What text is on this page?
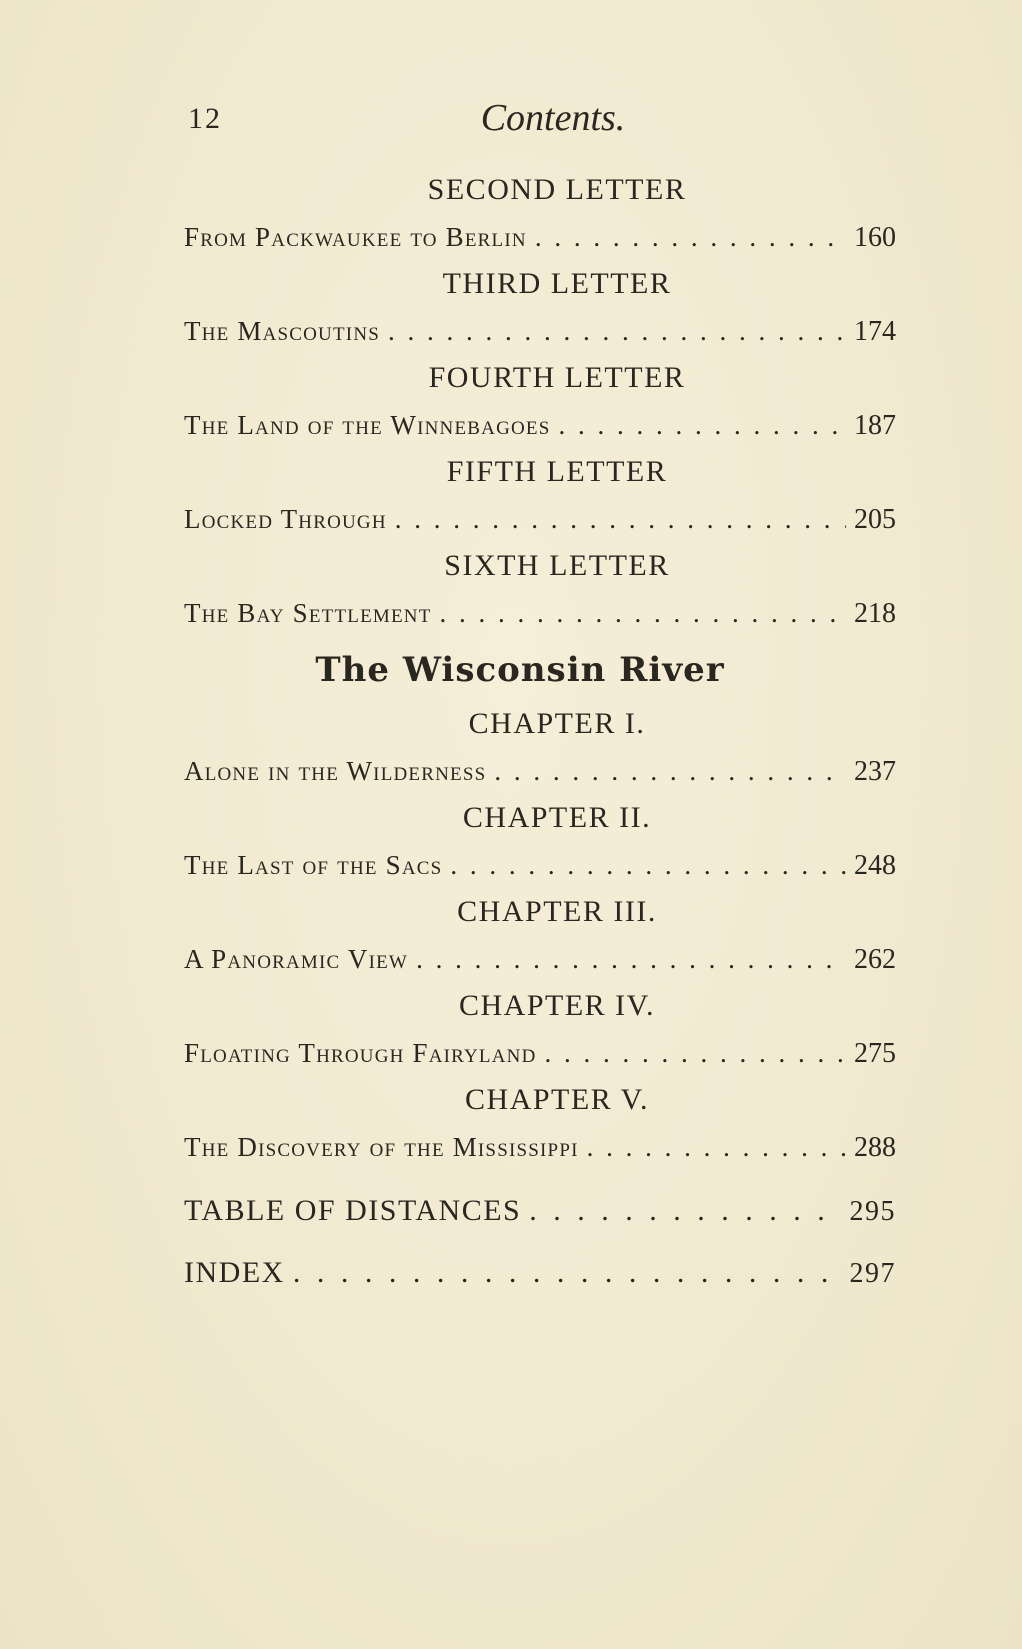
12	Contents.
SECOND LETTER
From Packwaukee to Berlin . . .	160
THIRD LETTER
The Mascoutins . . .	174
FOURTH LETTER
The Land of the Winnebagoes . . .	187
FIFTH LETTER
Locked Through . . .	205
SIXTH LETTER
The Bay Settlement . . .	218
The Wisconsin River
CHAPTER I.
Alone in the Wilderness . . .	237
CHAPTER II.
The Last of the Sacs . . .	248
CHAPTER III.
A Panoramic View . . .	262
CHAPTER IV.
Floating Through Fairyland . . .	275
CHAPTER V.
The Discovery of the Mississippi . . .	288
TABLE OF DISTANCES . . .	295
INDEX . . .	297
